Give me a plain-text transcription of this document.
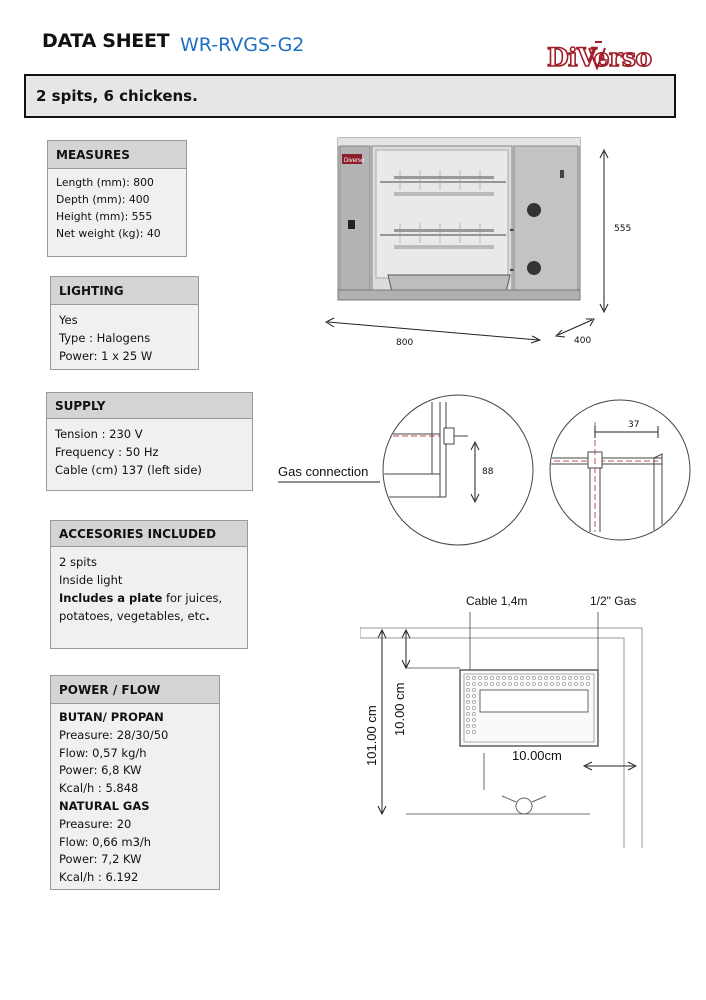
DATA SHEET WR-RVGS-G2	DiVerso
2 spits, 6 chickens.
MEASURES
Length (mm): 800
Depth (mm): 400
Height (mm): 555
Net weight (kg): 40
LIGHTING
Yes
Type : Halogens
Power: 1 x 25 W
SUPPLY
Tension : 230 V
Frequency : 50 Hz
Cable (cm) 137 (left side)
ACCESORIES INCLUDED
2 spits
Inside light
Includes a plate for juices,
potatoes, vegetables, etc.
POWER / FLOW
BUTAN/ PROPAN
Preasure: 28/30/50
Flow: 0,57 kg/h
Power: 6,8 KW
Kcal/h : 5.848
NATURAL GAS
Preasure: 20
Flow: 0,66 m3/h
Power: 7,2 KW
Kcal/h : 6.192
Diverso
555
800	400
88
Gas connection
37
Cable 1,4m	1/2" Gas
101.00 cm 10.00 cm
10.00cm
